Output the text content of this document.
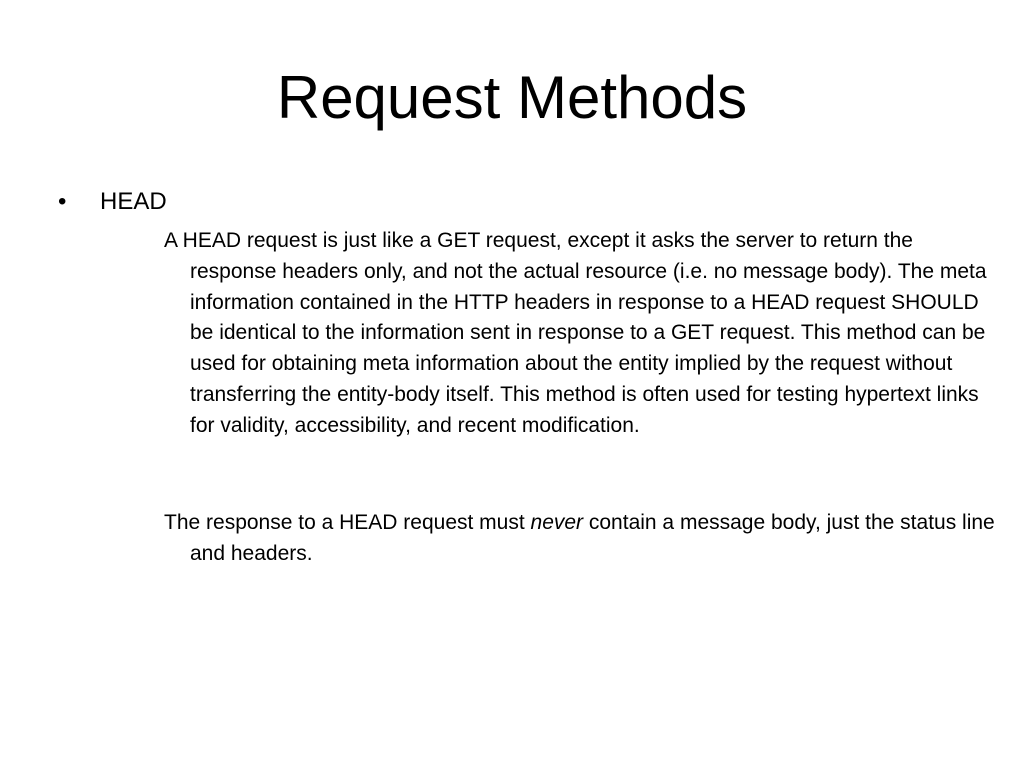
Request Methods
•	HEAD

A HEAD request is just like a GET request, except it asks the server to return the response headers only, and not the actual resource (i.e. no message body). The meta information contained in the HTTP headers in response to a HEAD request SHOULD be identical to the information sent in response to a GET request. This method can be used for obtaining meta information about the entity implied by the request without transferring the entity-body itself. This method is often used for testing hypertext links for validity, accessibility, and recent modification.

The response to a HEAD request must never contain a message body, just the status line and headers.
